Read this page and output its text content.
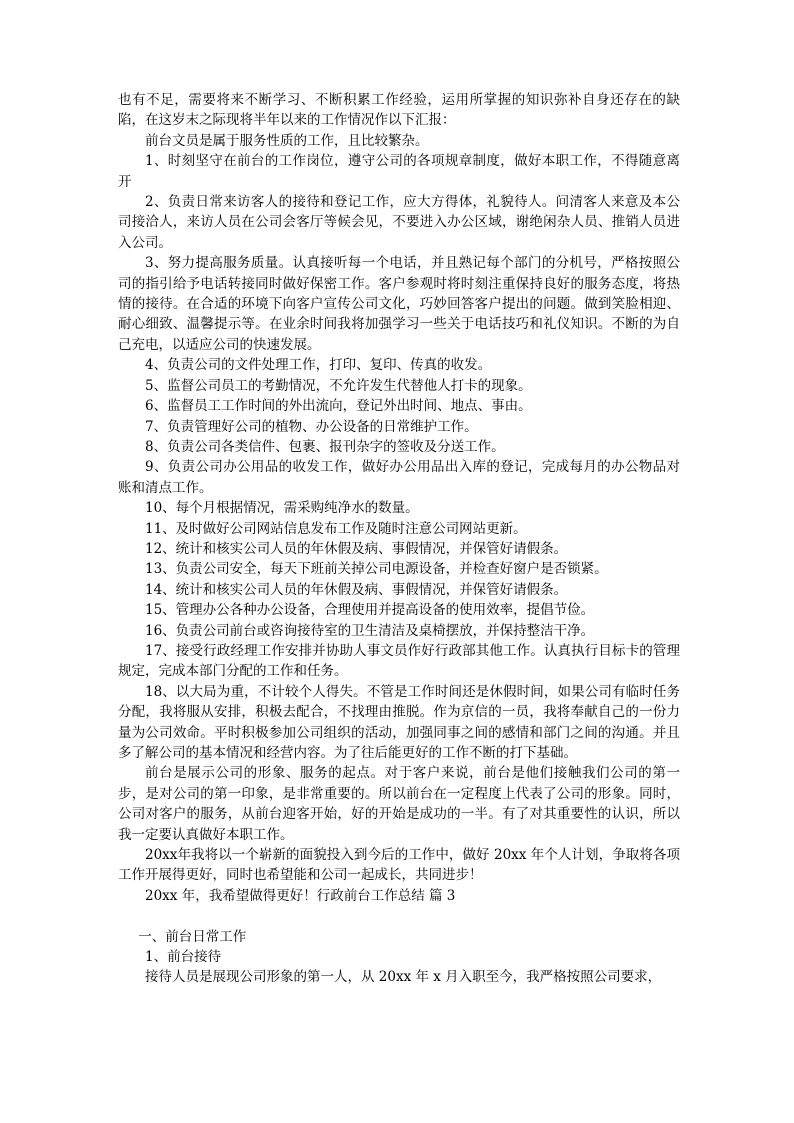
也有不足，需要将来不断学习、不断积累工作经验，运用所掌握的知识弥补自身还存在的缺陷，在这岁末之际现将半年以来的工作情况作以下汇报：

前台文员是属于服务性质的工作，且比较繁杂。

1、时刻坚守在前台的工作岗位，遵守公司的各项规章制度，做好本职工作，不得随意离开

2、负责日常来访客人的接待和登记工作，应大方得体，礼貌待人。问清客人来意及本公司接洽人，来访人员在公司会客厅等候会见，不要进入办公区域，谢绝闲杂人员、推销人员进入公司。

3、努力提高服务质量。认真接听每一个电话，并且熟记每个部门的分机号，严格按照公司的指引给予电话转接同时做好保密工作。客户参观时将时刻注重保持良好的服务态度，将热情的接待。在合适的环境下向客户宣传公司文化，巧妙回答客户提出的问题。做到笑脸相迎、耐心细致、温馨提示等。在业余时间我将加强学习一些关于电话技巧和礼仪知识。不断的为自己充电，以适应公司的快速发展。

4、负责公司的文件处理工作，打印、复印、传真的收发。

5、监督公司员工的考勤情况，不允许发生代替他人打卡的现象。

6、监督员工工作时间的外出流向，登记外出时间、地点、事由。

7、负责管理好公司的植物、办公设备的日常维护工作。

8、负责公司各类信件、包裹、报刊杂字的签收及分送工作。

9、负责公司办公用品的收发工作，做好办公用品出入库的登记，完成每月的办公物品对账和清点工作。

10、每个月根据情况，需采购纯净水的数量。

11、及时做好公司网站信息发布工作及随时注意公司网站更新。

12、统计和核实公司人员的年休假及病、事假情况，并保管好请假条。

13、负责公司安全，每天下班前关掉公司电源设备，并检查好窗户是否锁紧。

14、统计和核实公司人员的年休假及病、事假情况，并保管好请假条。

15、管理办公各种办公设备，合理使用并提高设备的使用效率，提倡节俭。

16、负责公司前台或咨询接待室的卫生清洁及桌椅摆放，并保持整洁干净。

17、接受行政经理工作安排并协助人事文员作好行政部其他工作。认真执行目标卡的管理规定，完成本部门分配的工作和任务。

18、以大局为重，不计较个人得失。不管是工作时间还是休假时间，如果公司有临时任务分配，我将服从安排，积极去配合，不找理由推脱。作为京信的一员，我将奉献自己的一份力量为公司效命。平时积极参加公司组织的活动，加强同事之间的感情和部门之间的沟通。并且多了解公司的基本情况和经营内容。为了往后能更好的工作不断的打下基础。

前台是展示公司的形象、服务的起点。对于客户来说，前台是他们接触我们公司的第一步，是对公司的第一印象，是非常重要的。所以前台在一定程度上代表了公司的形象。同时，公司对客户的服务，从前台迎客开始，好的开始是成功的一半。有了对其重要性的认识，所以我一定要认真做好本职工作。

20xx年我将以一个崭新的面貌投入到今后的工作中，做好 20xx 年个人计划，争取将各项工作开展得更好，同时也希望能和公司一起成长，共同进步！

20xx 年，我希望做得更好！行政前台工作总结 篇 3

一、前台日常工作

1、前台接待

接待人员是展现公司形象的第一人，从 20xx 年 x 月入职至今，我严格按照公司要求，
